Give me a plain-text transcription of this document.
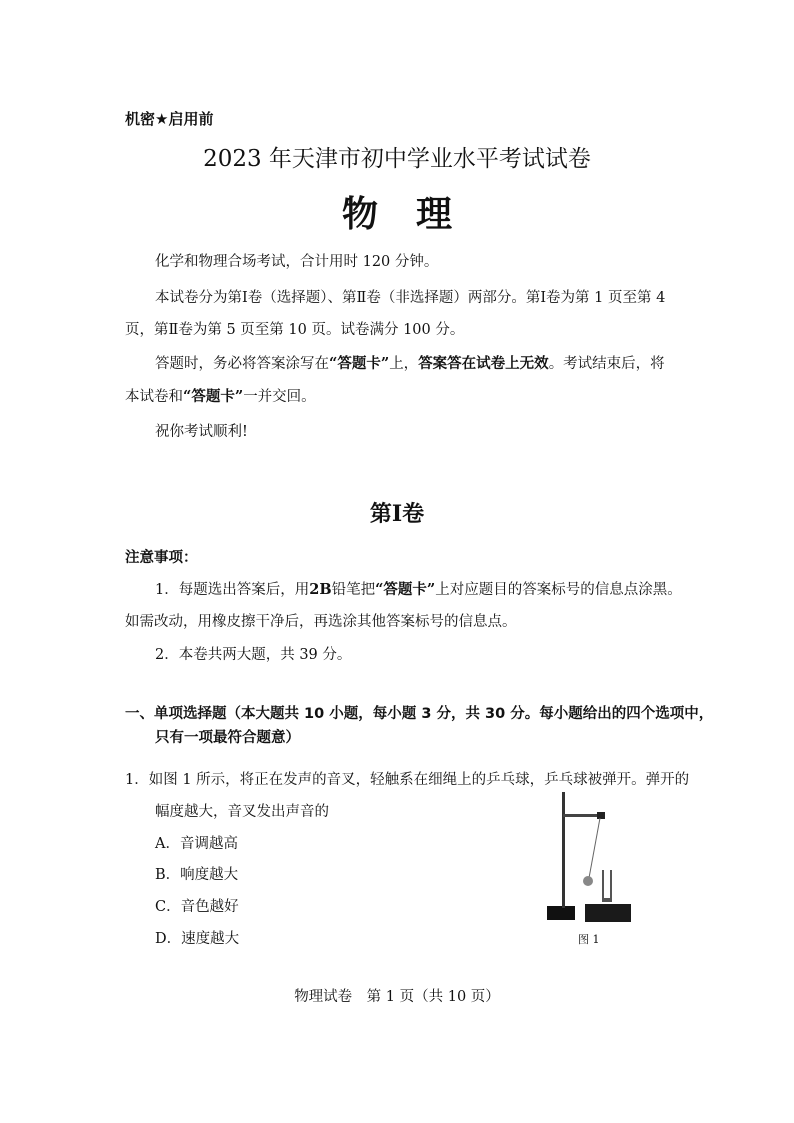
机密★启用前
2023 年天津市初中学业水平考试试卷
物 理
化学和物理合场考试，合计用时 120 分钟。
本试卷分为第Ⅰ卷（选择题）、第Ⅱ卷（非选择题）两部分。第Ⅰ卷为第 1 页至第 4
页，第Ⅱ卷为第 5 页至第 10 页。试卷满分 100 分。
答题时，务必将答案涂写在“答题卡”上，答案答在试卷上无效。考试结束后，将
本试卷和“答题卡”一并交回。
祝你考试顺利!
第Ⅰ卷
注意事项：
1．每题选出答案后，用2B铅笔把“答题卡”上对应题目的答案标号的信息点涂黑。
如需改动，用橡皮擦干净后，再选涂其他答案标号的信息点。
2．本卷共两大题，共 39 分。
一、单项选择题（本大题共 10 小题，每小题 3 分，共 30 分。每小题给出的四个选项中，
只有一项最符合题意）
1．如图 1 所示，将正在发声的音叉，轻触系在细绳上的乒乓球，乒乓球被弹开。弹开的
幅度越大，音叉发出声音的
A．音调越高
B．响度越大
C．音色越好
D．速度越大	图 1
物理试卷　第 1 页（共 10 页）
